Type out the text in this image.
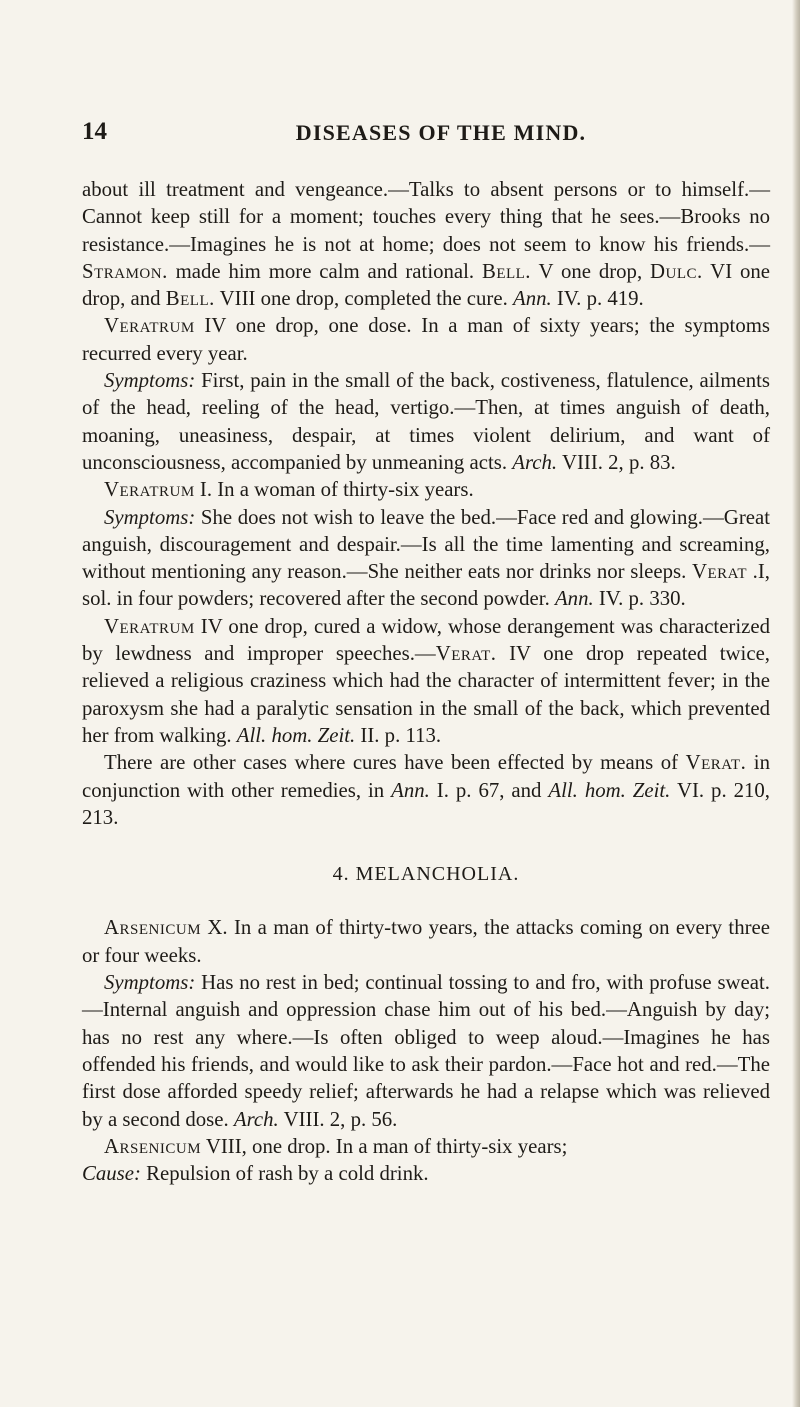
14	DISEASES OF THE MIND.

about ill treatment and vengeance.—Talks to absent persons or to himself.—Cannot keep still for a moment; touches every thing that he sees.—Brooks no resistance.—Imagines he is not at home; does not seem to know his friends.—Stramon. made him more calm and rational. Bell. V one drop, Dulc. VI one drop, and Bell. VIII one drop, completed the cure. Ann. IV. p. 419.

Veratrum IV one drop, one dose. In a man of sixty years; the symptoms recurred every year.

Symptoms: First, pain in the small of the back, costiveness, flatulence, ailments of the head, reeling of the head, vertigo.—Then, at times anguish of death, moaning, uneasiness, despair, at times violent delirium, and want of unconsciousness, accompanied by unmeaning acts. Arch. VIII. 2, p. 83.

Veratrum I. In a woman of thirty-six years.

Symptoms: She does not wish to leave the bed.—Face red and glowing.—Great anguish, discouragement and despair.—Is all the time lamenting and screaming, without mentioning any reason.—She neither eats nor drinks nor sleeps. Verat .I, sol. in four powders; recovered after the second powder. Ann. IV. p. 330.

Veratrum IV one drop, cured a widow, whose derangement was characterized by lewdness and improper speeches.—Verat. IV one drop repeated twice, relieved a religious craziness which had the character of intermittent fever; in the paroxysm she had a paralytic sensation in the small of the back, which prevented her from walking. All. hom. Zeit. II. p. 113.

There are other cases where cures have been effected by means of Verat. in conjunction with other remedies, in Ann. I. p. 67, and All. hom. Zeit. VI. p. 210, 213.

4. MELANCHOLIA.

Arsenicum X. In a man of thirty-two years, the attacks coming on every three or four weeks.

Symptoms: Has no rest in bed; continual tossing to and fro, with profuse sweat.—Internal anguish and oppression chase him out of his bed.—Anguish by day; has no rest any where.—Is often obliged to weep aloud.—Imagines he has offended his friends, and would like to ask their pardon.—Face hot and red.—The first dose afforded speedy relief; afterwards he had a relapse which was relieved by a second dose. Arch. VIII. 2, p. 56.

Arsenicum VIII, one drop. In a man of thirty-six years;

Cause: Repulsion of rash by a cold drink.
